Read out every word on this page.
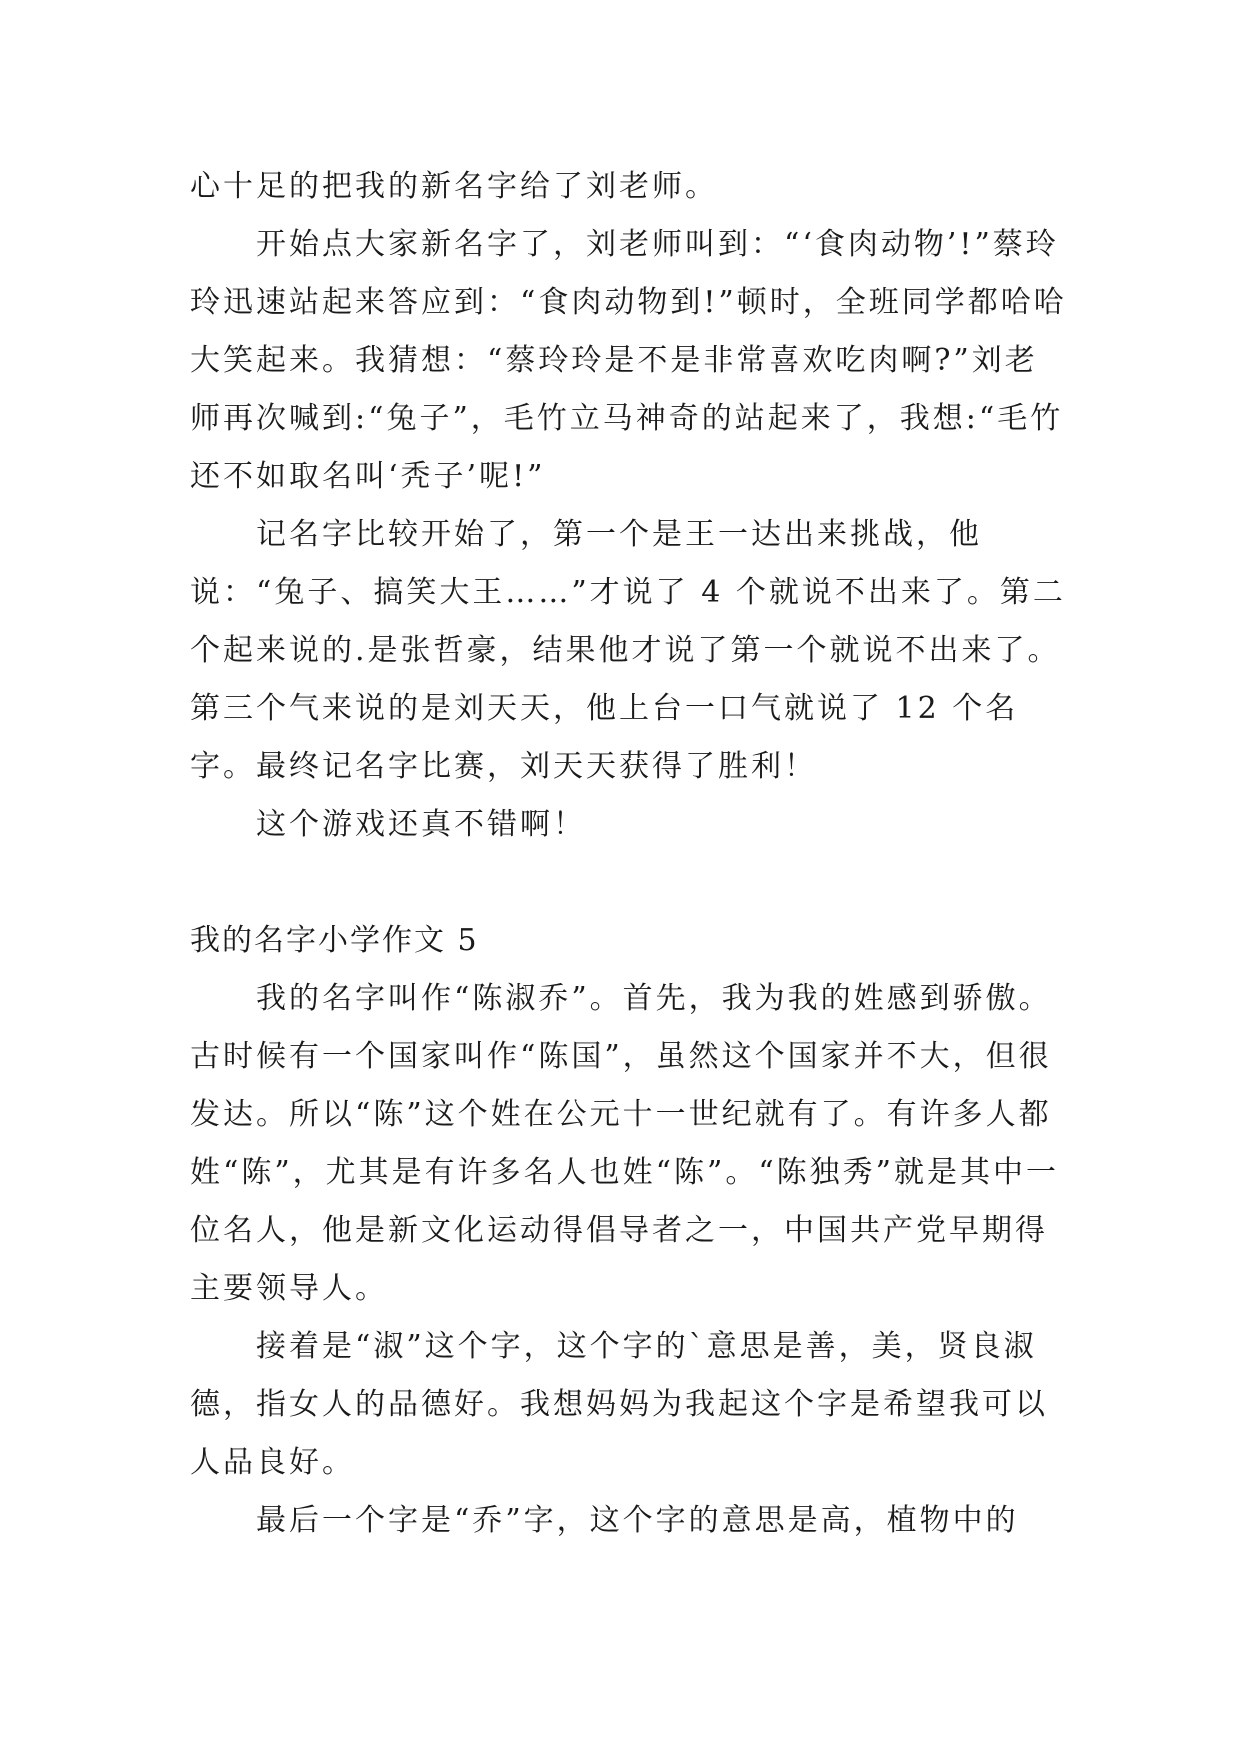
心十足的把我的新名字给了刘老师。

开始点大家新名字了，刘老师叫到：“‘食肉动物’!”蔡玲玲迅速站起来答应到：“食肉动物到!”顿时，全班同学都哈哈大笑起来。我猜想：“蔡玲玲是不是非常喜欢吃肉啊?”刘老师再次喊到:“兔子”，毛竹立马神奇的站起来了，我想:“毛竹还不如取名叫‘秃子’呢!”

记名字比较开始了，第一个是王一达出来挑战，他说：“兔子、搞笑大王……”才说了 4 个就说不出来了。第二个起来说的.是张哲豪，结果他才说了第一个就说不出来了。第三个气来说的是刘天天，他上台一口气就说了 12 个名字。最终记名字比赛，刘天天获得了胜利！

这个游戏还真不错啊！

我的名字小学作文 5

我的名字叫作“陈淑乔”。首先，我为我的姓感到骄傲。古时候有一个国家叫作“陈国”，虽然这个国家并不大，但很发达。所以“陈”这个姓在公元十一世纪就有了。有许多人都姓“陈”，尤其是有许多名人也姓“陈”。“陈独秀”就是其中一位名人，他是新文化运动得倡导者之一，中国共产党早期得主要领导人。

接着是“淑”这个字，这个字的`意思是善，美，贤良淑德，指女人的品德好。我想妈妈为我起这个字是希望我可以人品良好。

最后一个字是“乔”字，这个字的意思是高，植物中的
